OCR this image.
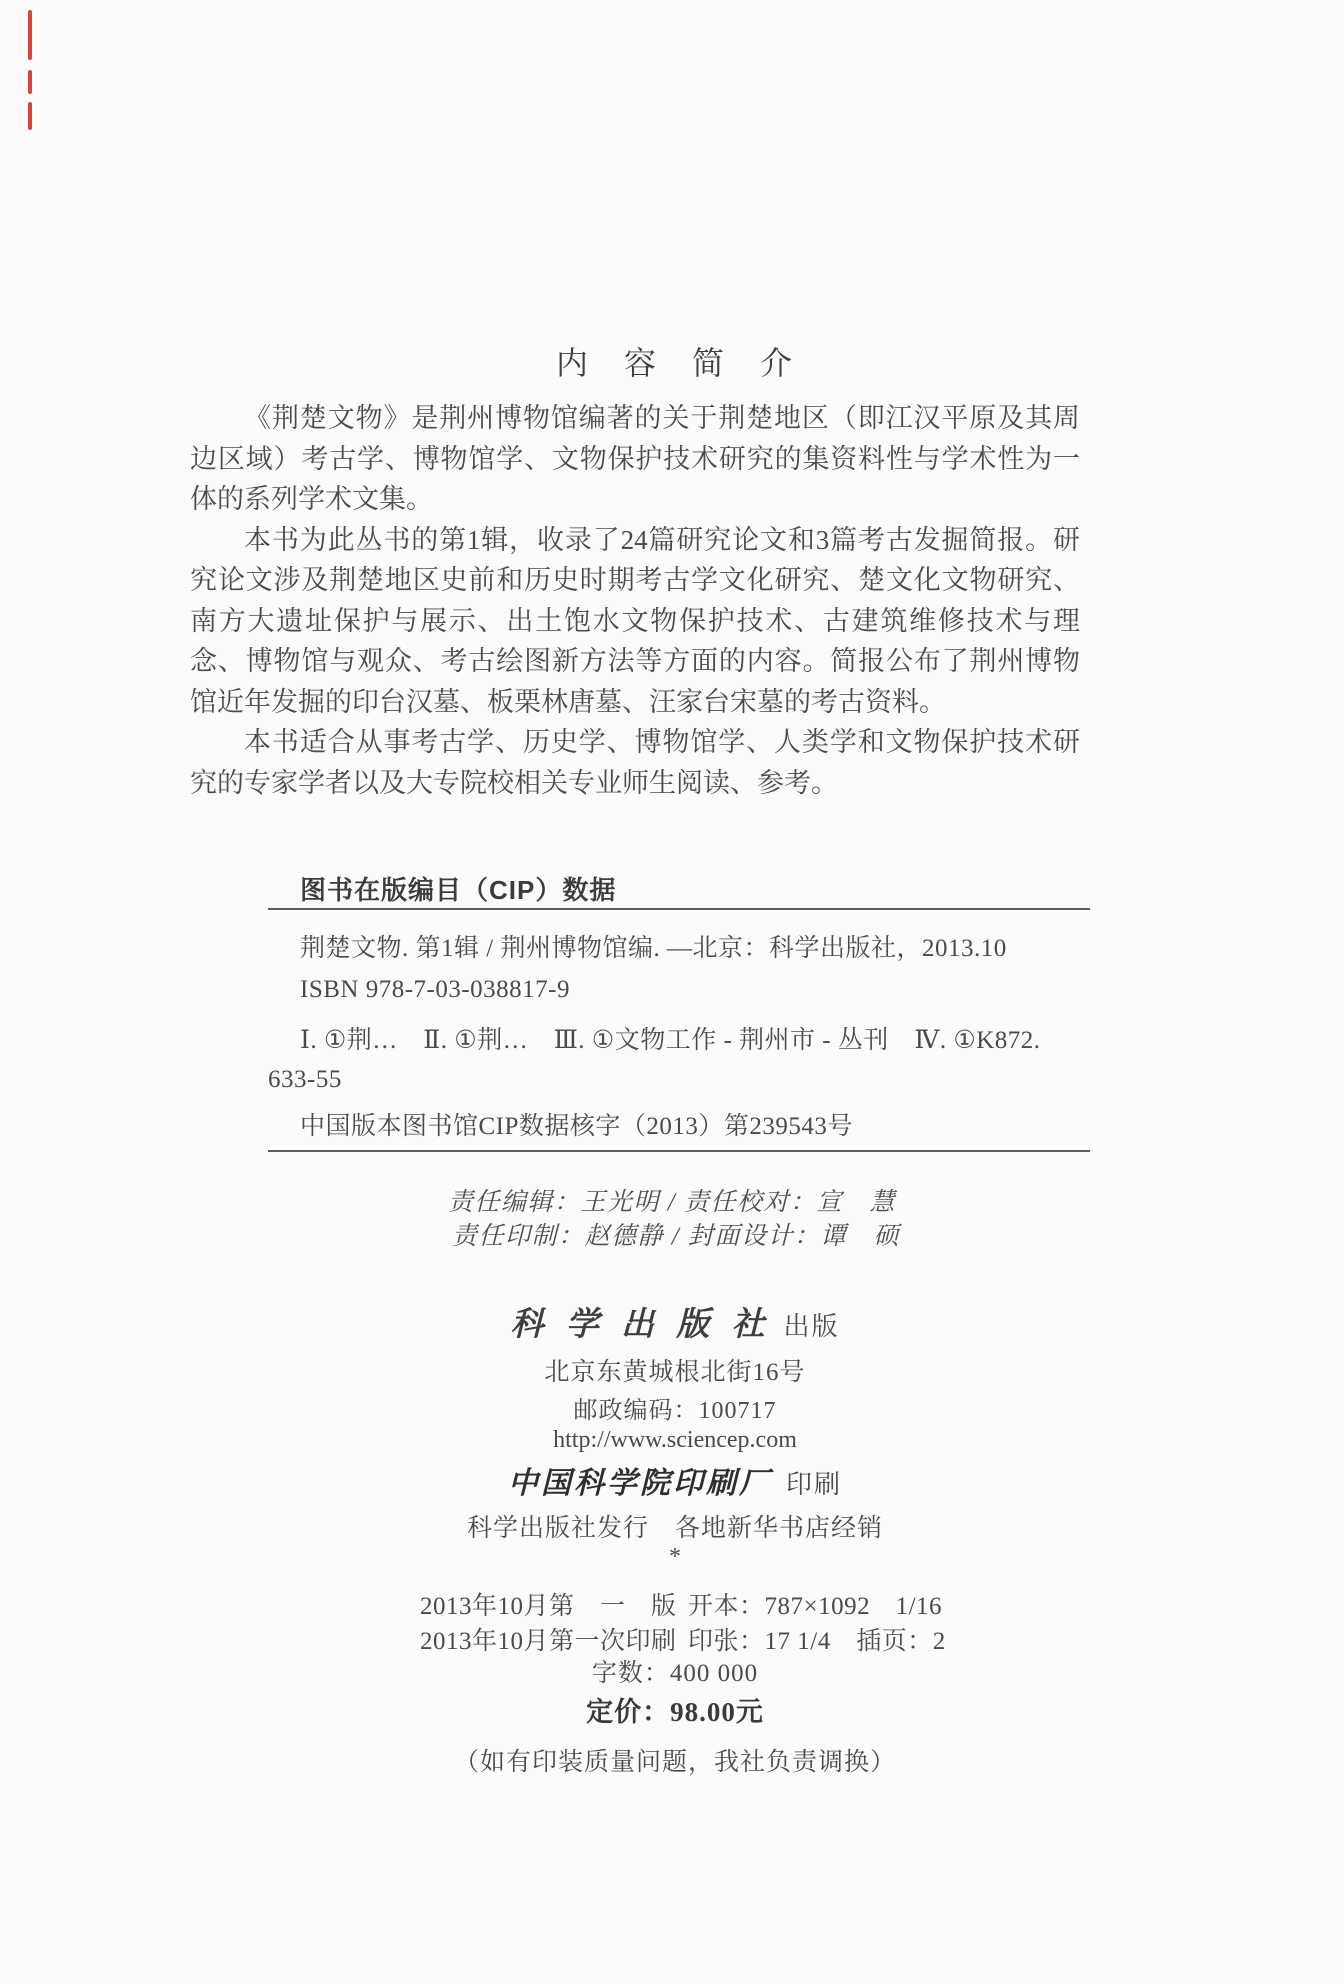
内　容　简　介
《荆楚文物》是荆州博物馆编著的关于荆楚地区（即江汉平原及其周
边区域）考古学、博物馆学、文物保护技术研究的集资料性与学术性为一
体的系列学术文集。
本书为此丛书的第1辑，收录了24篇研究论文和3篇考古发掘简报。研
究论文涉及荆楚地区史前和历史时期考古学文化研究、楚文化文物研究、
南方大遗址保护与展示、出土饱水文物保护技术、古建筑维修技术与理
念、博物馆与观众、考古绘图新方法等方面的内容。简报公布了荆州博物
馆近年发掘的印台汉墓、板栗林唐墓、汪家台宋墓的考古资料。
本书适合从事考古学、历史学、博物馆学、人类学和文物保护技术研
究的专家学者以及大专院校相关专业师生阅读、参考。
图书在版编目（CIP）数据
荆楚文物. 第1辑 / 荆州博物馆编. —北京：科学出版社，2013.10
ISBN 978-7-03-038817-9
Ⅰ. ①荆…　Ⅱ. ①荆…　Ⅲ. ①文物工作 - 荆州市 - 丛刊　Ⅳ. ①K872.
633-55
中国版本图书馆CIP数据核字（2013）第239543号
责任编辑：王光明 / 责任校对：宣　慧
责任印制：赵德静 / 封面设计：谭　硕
科 学 出 版 社 出版
北京东黄城根北街16号
邮政编码：100717
http://www.sciencep.com
中国科学院印刷厂 印刷
科学出版社发行　各地新华书店经销
*
2013年10月第　一　版 开本：787×1092　1/16
2013年10月第一次印刷 印张：17 1/4　插页：2
字数：400 000
定价：98.00元
（如有印装质量问题，我社负责调换）
